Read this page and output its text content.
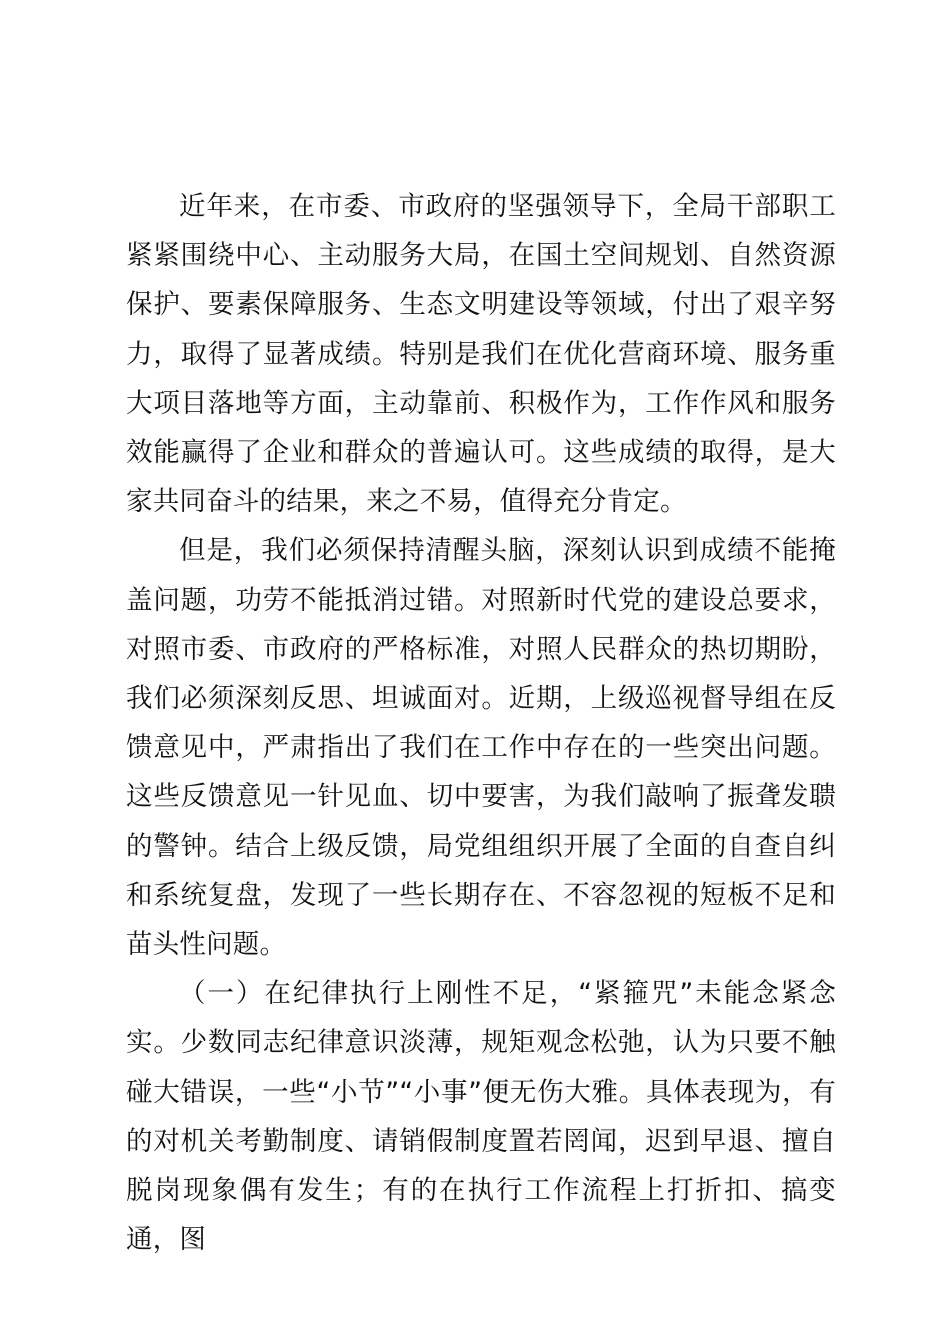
近年来，在市委、市政府的坚强领导下，全局干部职工紧紧围绕中心、主动服务大局，在国土空间规划、自然资源保护、要素保障服务、生态文明建设等领域，付出了艰辛努力，取得了显著成绩。特别是我们在优化营商环境、服务重大项目落地等方面，主动靠前、积极作为，工作作风和服务效能赢得了企业和群众的普遍认可。这些成绩的取得，是大家共同奋斗的结果，来之不易，值得充分肯定。

但是，我们必须保持清醒头脑，深刻认识到成绩不能掩盖问题，功劳不能抵消过错。对照新时代党的建设总要求，对照市委、市政府的严格标准，对照人民群众的热切期盼，我们必须深刻反思、坦诚面对。近期，上级巡视督导组在反馈意见中，严肃指出了我们在工作中存在的一些突出问题。这些反馈意见一针见血、切中要害，为我们敲响了振聋发聩的警钟。结合上级反馈，局党组组织开展了全面的自查自纠和系统复盘，发现了一些长期存在、不容忽视的短板不足和苗头性问题。

（一）在纪律执行上刚性不足，“紧箍咒”未能念紧念实。少数同志纪律意识淡薄，规矩观念松弛，认为只要不触碰大错误，一些“小节”“小事”便无伤大雅。具体表现为，有的对机关考勤制度、请销假制度置若罔闻，迟到早退、擅自脱岗现象偶有发生；有的在执行工作流程上打折扣、搞变通，图
